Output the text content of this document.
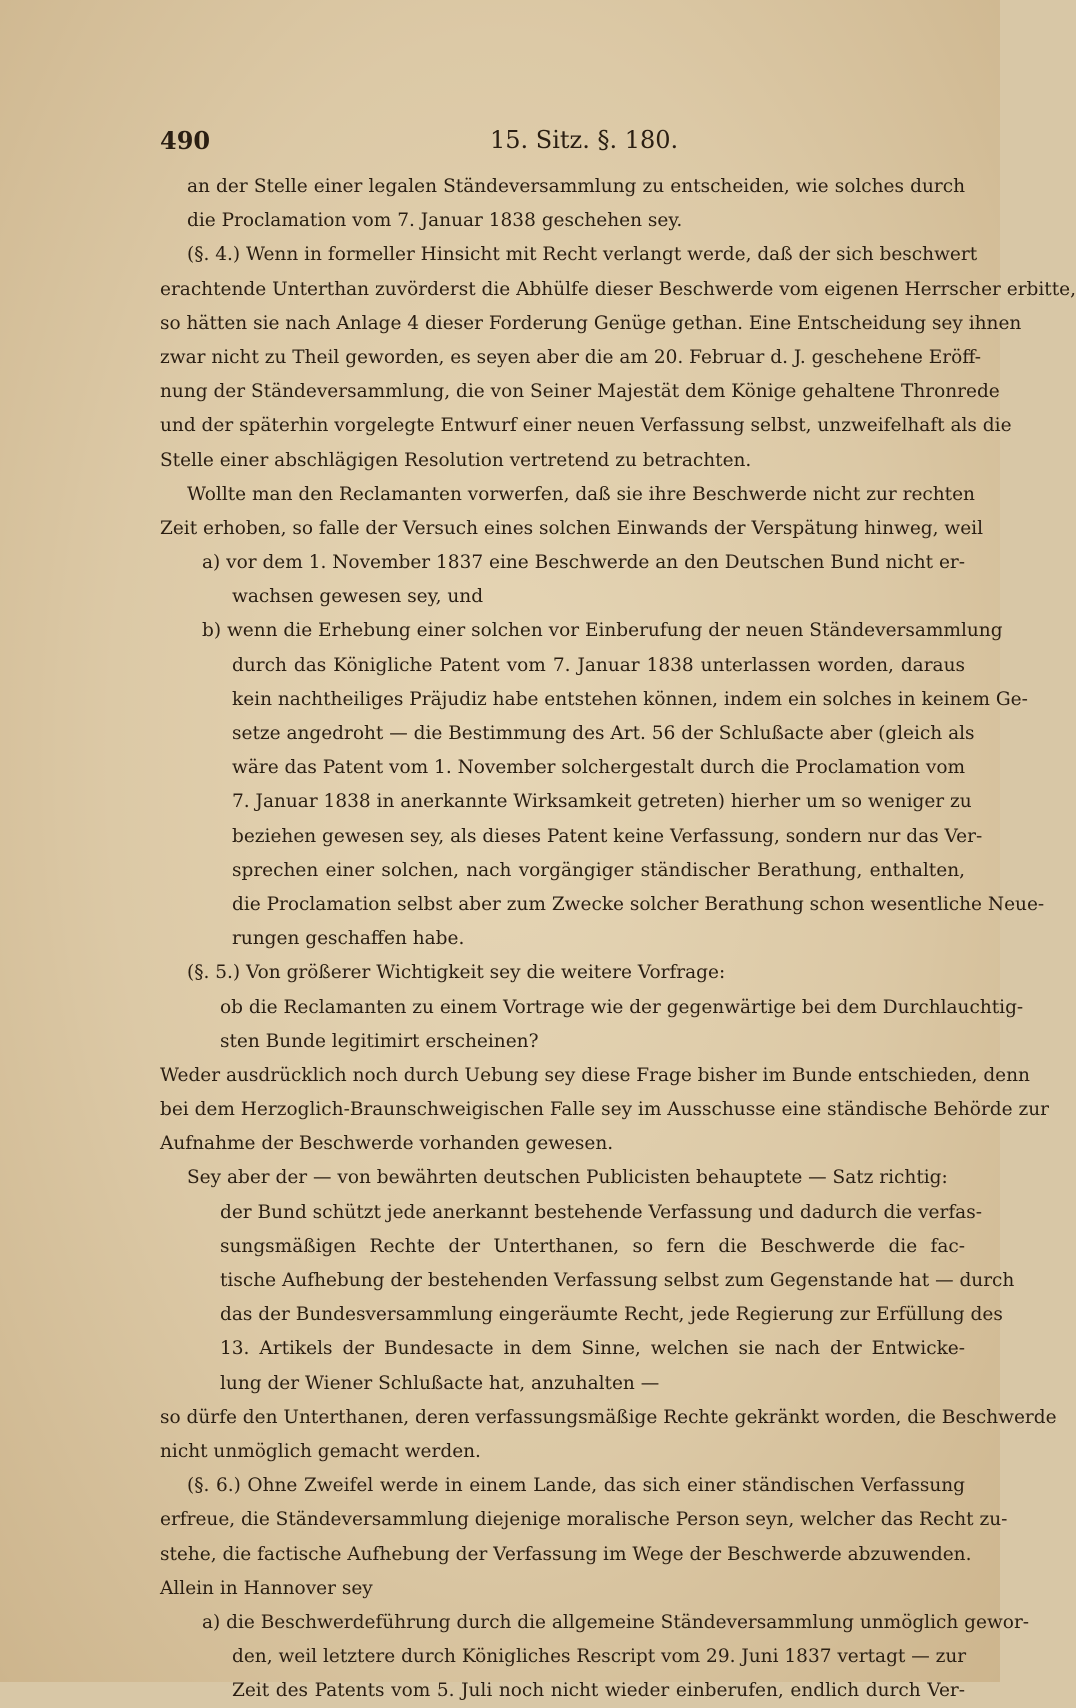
490	15. Sitz. §. 180.
an der Stelle einer legalen Ständeversammlung zu entscheiden, wie solches durch
die Proclamation vom 7. Januar 1838 geschehen sey.
(§. 4.) Wenn in formeller Hinsicht mit Recht verlangt werde, daß der sich beschwert
erachtende Unterthan zuvörderst die Abhülfe dieser Beschwerde vom eigenen Herrscher erbitte,
so hätten sie nach Anlage 4 dieser Forderung Genüge gethan. Eine Entscheidung sey ihnen
zwar nicht zu Theil geworden, es seyen aber die am 20. Februar d. J. geschehene Eröff-
nung der Ständeversammlung, die von Seiner Majestät dem Könige gehaltene Thronrede
und der späterhin vorgelegte Entwurf einer neuen Verfassung selbst, unzweifelhaft als die
Stelle einer abschlägigen Resolution vertretend zu betrachten.
Wollte man den Reclamanten vorwerfen, daß sie ihre Beschwerde nicht zur rechten
Zeit erhoben, so falle der Versuch eines solchen Einwands der Verspätung hinweg, weil
a) vor dem 1. November 1837 eine Beschwerde an den Deutschen Bund nicht er-
wachsen gewesen sey, und
b) wenn die Erhebung einer solchen vor Einberufung der neuen Ständeversammlung
durch das Königliche Patent vom 7. Januar 1838 unterlassen worden, daraus
kein nachtheiliges Präjudiz habe entstehen können, indem ein solches in keinem Ge-
setze angedroht — die Bestimmung des Art. 56 der Schlußacte aber (gleich als
wäre das Patent vom 1. November solchergestalt durch die Proclamation vom
7. Januar 1838 in anerkannte Wirksamkeit getreten) hierher um so weniger zu
beziehen gewesen sey, als dieses Patent keine Verfassung, sondern nur das Ver-
sprechen einer solchen, nach vorgängiger ständischer Berathung, enthalten,
die Proclamation selbst aber zum Zwecke solcher Berathung schon wesentliche Neue-
rungen geschaffen habe.
(§. 5.) Von größerer Wichtigkeit sey die weitere Vorfrage:
ob die Reclamanten zu einem Vortrage wie der gegenwärtige bei dem Durchlauchtig-
sten Bunde legitimirt erscheinen?
Weder ausdrücklich noch durch Uebung sey diese Frage bisher im Bunde entschieden, denn
bei dem Herzoglich-Braunschweigischen Falle sey im Ausschusse eine ständische Behörde zur
Aufnahme der Beschwerde vorhanden gewesen.
Sey aber der — von bewährten deutschen Publicisten behauptete — Satz richtig:
der Bund schützt jede anerkannt bestehende Verfassung und dadurch die verfas-
sungsmäßigen Rechte der Unterthanen, so fern die Beschwerde die fac-
tische Aufhebung der bestehenden Verfassung selbst zum Gegenstande hat — durch
das der Bundesversammlung eingeräumte Recht, jede Regierung zur Erfüllung des
13. Artikels der Bundesacte in dem Sinne, welchen sie nach der Entwicke-
lung der Wiener Schlußacte hat, anzuhalten —
so dürfe den Unterthanen, deren verfassungsmäßige Rechte gekränkt worden, die Beschwerde
nicht unmöglich gemacht werden.
(§. 6.) Ohne Zweifel werde in einem Lande, das sich einer ständischen Verfassung
erfreue, die Ständeversammlung diejenige moralische Person seyn, welcher das Recht zu-
stehe, die factische Aufhebung der Verfassung im Wege der Beschwerde abzuwenden.
Allein in Hannover sey
a) die Beschwerdeführung durch die allgemeine Ständeversammlung unmöglich gewor-
den, weil letztere durch Königliches Rescript vom 29. Juni 1837 vertagt — zur
Zeit des Patents vom 5. Juli noch nicht wieder einberufen, endlich durch Ver-
